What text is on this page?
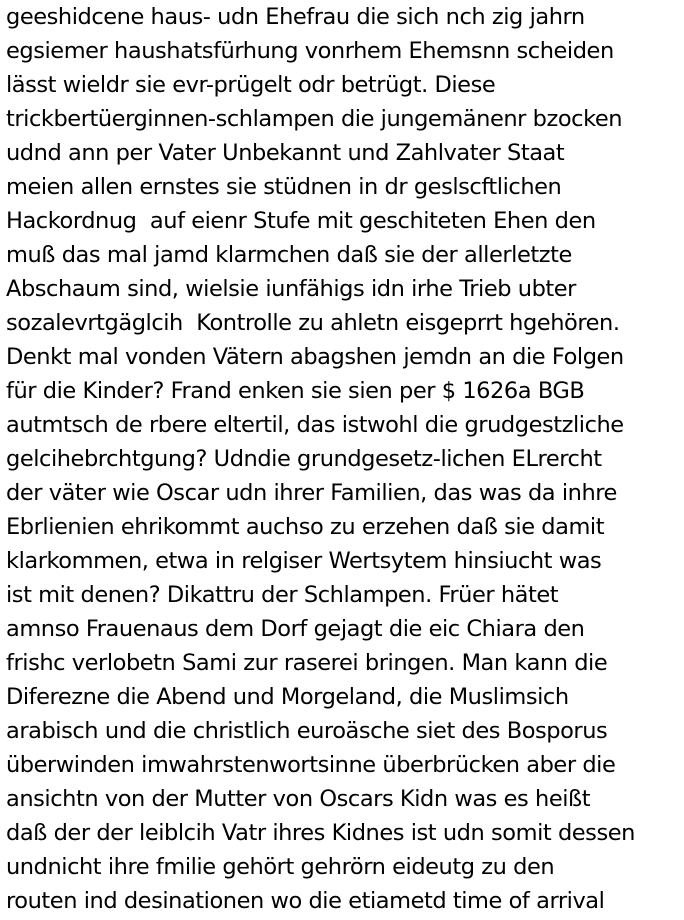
geeshidcene haus- udn Ehefrau die sich nch zig jahrn

egsiemer haushatsfürhung vonrhem Ehemsnn scheiden

lässt wieldr sie evr-prügelt odr betrügt. Diese

trickbertüerginnen-schlampen die jungemänenr bzocken

udnd ann per Vater Unbekannt und Zahlvater Staat

meien allen ernstes sie stüdnen in dr geslscftlichen

Hackordnug  auf eienr Stufe mit geschiteten Ehen den

muß das mal jamd klarmchen daß sie der allerletzte

Abschaum sind, wielsie iunfähigs idn irhe Trieb ubter

sozalevrtgäglcih  Kontrolle zu ahletn eisgeprrt hgehören.

Denkt mal vonden Vätern abagshen jemdn an die Folgen

für die Kinder? Frand enken sie sien per $ 1626a BGB

autmtsch de rbere eltertil, das istwohl die grudgestzliche

gelcihebrchtgung? Udndie grundgesetz-lichen ELrercht

der väter wie Oscar udn ihrer Familien, das was da inhre

Ebrlienien ehrikommt auchso zu erzehen daß sie damit

klarkommen, etwa in relgiser Wertsytem hinsiucht was

ist mit denen? Dikattru der Schlampen. Früer hätet

amnso Frauenaus dem Dorf gejagt die eic Chiara den

frishc verlobetn Sami zur raserei bringen. Man kann die

Diferezne die Abend und Morgeland, die Muslimsich

arabisch und die christlich euroäsche siet des Bosporus

überwinden imwahrstenwortsinne überbrücken aber die

ansichtn von der Mutter von Oscars Kidn was es heißt

daß der der leiblcih Vatr ihres Kidnes ist udn somit dessen

undnicht ihre fmilie gehört gehrörn eideutg zu den

routen ind desinationen wo die etiametd time of arrival
